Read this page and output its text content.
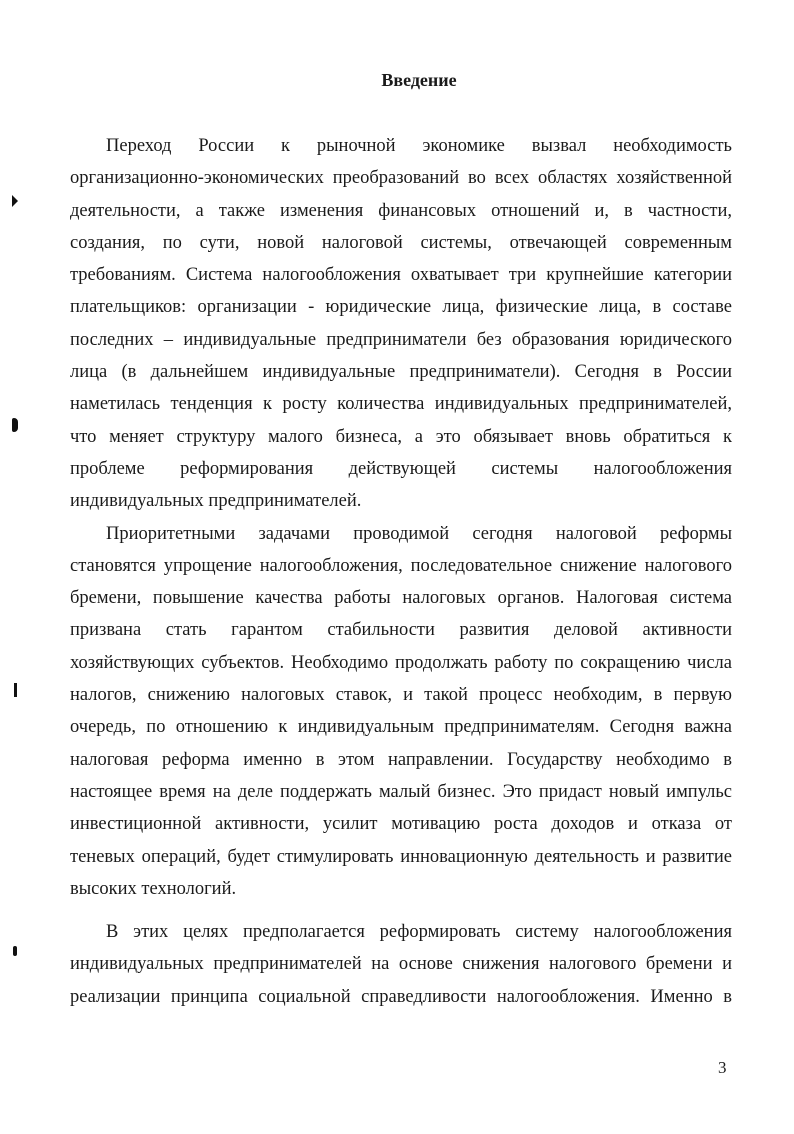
Введение
Переход России к рыночной экономике вызвал необходимость
организационно-экономических преобразований во всех областях хозяйственной
деятельности, а также изменения финансовых отношений и, в частности,
создания, по сути, новой налоговой системы, отвечающей современным
требованиям. Система налогообложения охватывает три крупнейшие категории
плательщиков: организации - юридические лица, физические лица, в составе
последних – индивидуальные предприниматели без образования юридического
лица (в дальнейшем индивидуальные предприниматели). Сегодня в России
наметилась тенденция к росту количества индивидуальных предпринимателей,
что меняет структуру малого бизнеса, а это обязывает вновь обратиться к
проблеме реформирования действующей системы налогообложения
индивидуальных предпринимателей.
Приоритетными задачами проводимой сегодня налоговой реформы
становятся упрощение налогообложения, последовательное снижение налогового
бремени, повышение качества работы налоговых органов. Налоговая система
призвана стать гарантом стабильности развития деловой активности
хозяйствующих субъектов. Необходимо продолжать работу по сокращению числа
налогов, снижению налоговых ставок, и такой процесс необходим, в первую
очередь, по отношению к индивидуальным предпринимателям. Сегодня важна
налоговая реформа именно в этом направлении. Государству необходимо в
настоящее время на деле поддержать малый бизнес. Это придаст новый импульс
инвестиционной активности, усилит мотивацию роста доходов и отказа от
теневых операций, будет стимулировать инновационную деятельность и развитие
высоких технологий.
В этих целях предполагается реформировать систему налогообложения
индивидуальных предпринимателей на основе снижения налогового бремени и
реализации принципа социальной справедливости налогообложения. Именно в
3
